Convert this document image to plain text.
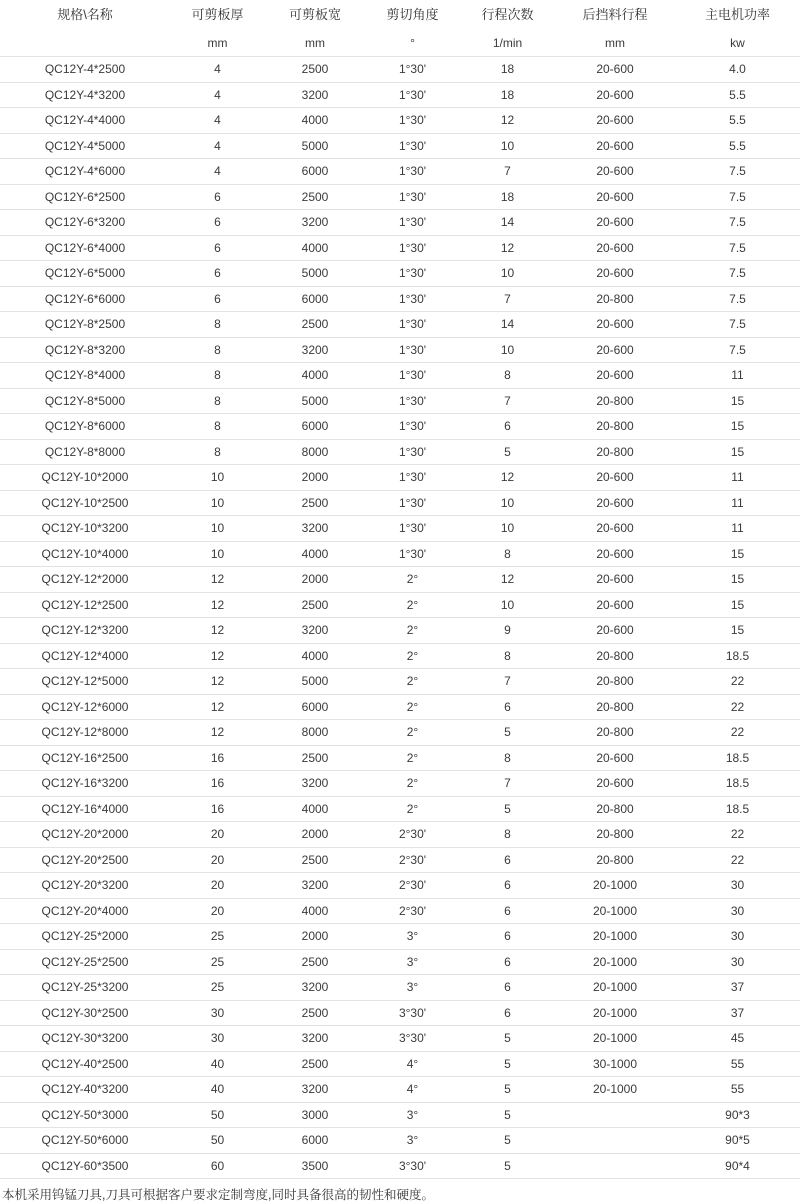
规格\名称	可剪板厚	可剪板宽	剪切角度	行程次数	后挡料行程	主电机功率
	mm	mm	°	1/min	mm	kw
QC12Y-4*2500	4	2500	1°30'	18	20-600	4.0
QC12Y-4*3200	4	3200	1°30'	18	20-600	5.5
QC12Y-4*4000	4	4000	1°30'	12	20-600	5.5
QC12Y-4*5000	4	5000	1°30'	10	20-600	5.5
QC12Y-4*6000	4	6000	1°30'	7	20-600	7.5
QC12Y-6*2500	6	2500	1°30'	18	20-600	7.5
QC12Y-6*3200	6	3200	1°30'	14	20-600	7.5
QC12Y-6*4000	6	4000	1°30'	12	20-600	7.5
QC12Y-6*5000	6	5000	1°30'	10	20-600	7.5
QC12Y-6*6000	6	6000	1°30'	7	20-800	7.5
QC12Y-8*2500	8	2500	1°30'	14	20-600	7.5
QC12Y-8*3200	8	3200	1°30'	10	20-600	7.5
QC12Y-8*4000	8	4000	1°30'	8	20-600	11
QC12Y-8*5000	8	5000	1°30'	7	20-800	15
QC12Y-8*6000	8	6000	1°30'	6	20-800	15
QC12Y-8*8000	8	8000	1°30'	5	20-800	15
QC12Y-10*2000	10	2000	1°30'	12	20-600	11
QC12Y-10*2500	10	2500	1°30'	10	20-600	11
QC12Y-10*3200	10	3200	1°30'	10	20-600	11
QC12Y-10*4000	10	4000	1°30'	8	20-600	15
QC12Y-12*2000	12	2000	2°	12	20-600	15
QC12Y-12*2500	12	2500	2°	10	20-600	15
QC12Y-12*3200	12	3200	2°	9	20-600	15
QC12Y-12*4000	12	4000	2°	8	20-800	18.5
QC12Y-12*5000	12	5000	2°	7	20-800	22
QC12Y-12*6000	12	6000	2°	6	20-800	22
QC12Y-12*8000	12	8000	2°	5	20-800	22
QC12Y-16*2500	16	2500	2°	8	20-600	18.5
QC12Y-16*3200	16	3200	2°	7	20-600	18.5
QC12Y-16*4000	16	4000	2°	5	20-800	18.5
QC12Y-20*2000	20	2000	2°30'	8	20-800	22
QC12Y-20*2500	20	2500	2°30'	6	20-800	22
QC12Y-20*3200	20	3200	2°30'	6	20-1000	30
QC12Y-20*4000	20	4000	2°30'	6	20-1000	30
QC12Y-25*2000	25	2000	3°	6	20-1000	30
QC12Y-25*2500	25	2500	3°	6	20-1000	30
QC12Y-25*3200	25	3200	3°	6	20-1000	37
QC12Y-30*2500	30	2500	3°30'	6	20-1000	37
QC12Y-30*3200	30	3200	3°30'	5	20-1000	45
QC12Y-40*2500	40	2500	4°	5	30-1000	55
QC12Y-40*3200	40	3200	4°	5	20-1000	55
QC12Y-50*3000	50	3000	3°	5		90*3
QC12Y-50*6000	50	6000	3°	5		90*5
QC12Y-60*3500	60	3500	3°30'	5		90*4
本机采用钨锰刀具,刀具可根据客户要求定制弯度,同时具备很高的韧性和硬度。
